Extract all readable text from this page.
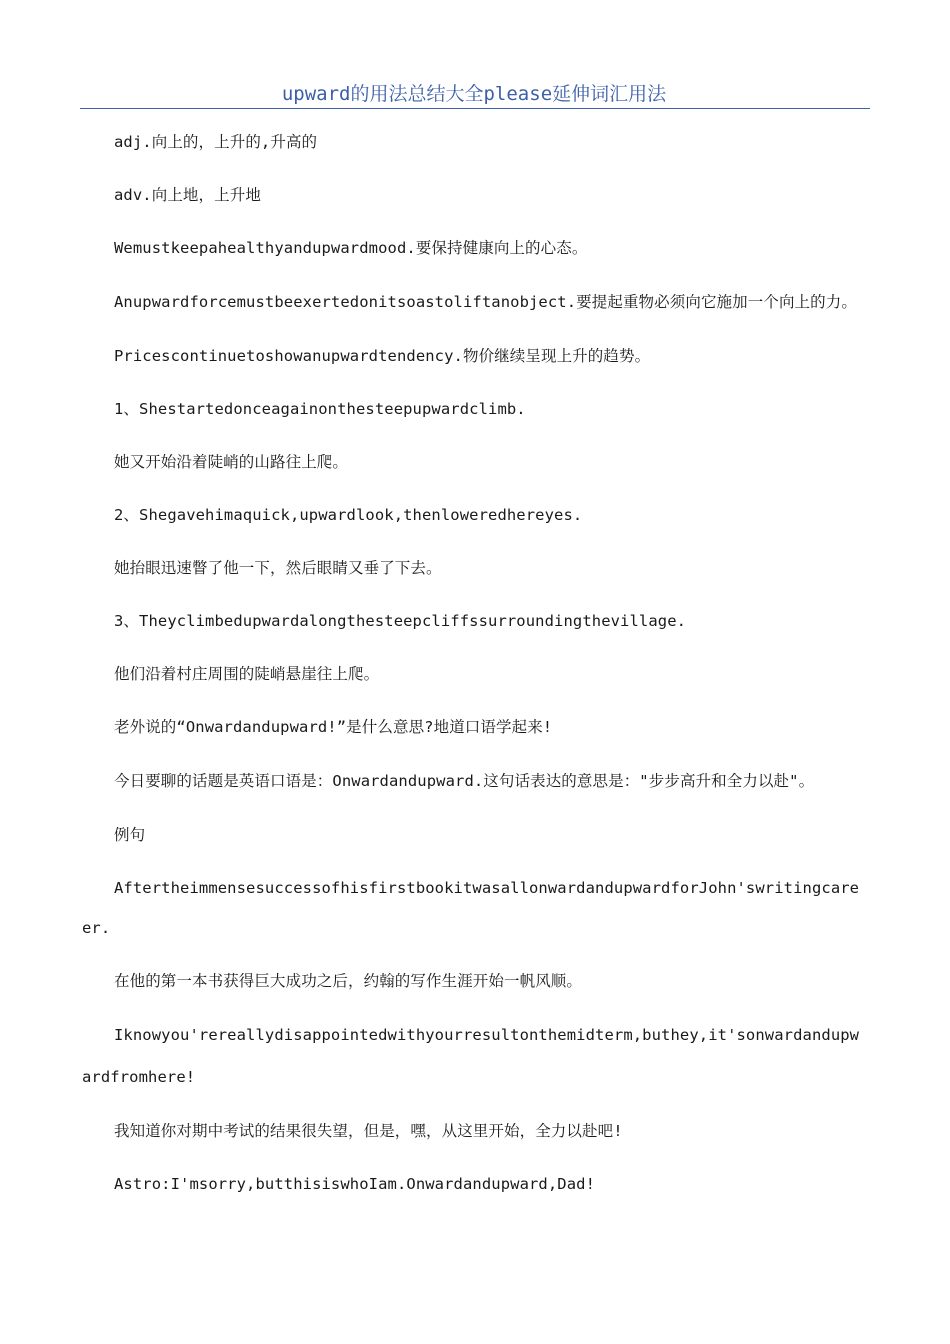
upward的用法总结大全please延伸词汇用法

adj.向上的，上升的,升高的

adv.向上地，上升地

Wemustkeepahealthyandupwardmood.要保持健康向上的心态。

Anupwardforcemustbeexertedonitsoastoliftanobject.要提起重物必须向它施加一个向上的力。

Pricescontinuetoshowanupwardtendency.物价继续呈现上升的趋势。

1、Shestartedonceagainonthesteepupwardclimb.

她又开始沿着陡峭的山路往上爬。

2、Shegavehimaquick,upwardlook,thenloweredhereyes.

她抬眼迅速瞥了他一下，然后眼睛又垂了下去。

3、Theyclimbedupwardalongthesteepcliffssurroundingthevillage.

他们沿着村庄周围的陡峭悬崖往上爬。

老外说的“Onwardandupward!”是什么意思?地道口语学起来!

今日要聊的话题是英语口语是：Onwardandupward.这句话表达的意思是："步步高升和全力以赴"。

例句

AftertheimmensesuccessofhisfirstbookitwasallonwardandupwardforJohn'swritingcareer.

在他的第一本书获得巨大成功之后，约翰的写作生涯开始一帆风顺。

Iknowyou'rereallydisappointedwithyourresultonthemidterm,buthey,it'sonwardandupwardfromhere!

我知道你对期中考试的结果很失望，但是，嘿，从这里开始，全力以赴吧!

Astro:I'msorry,butthisiswhoIam.Onwardandupward,Dad!
